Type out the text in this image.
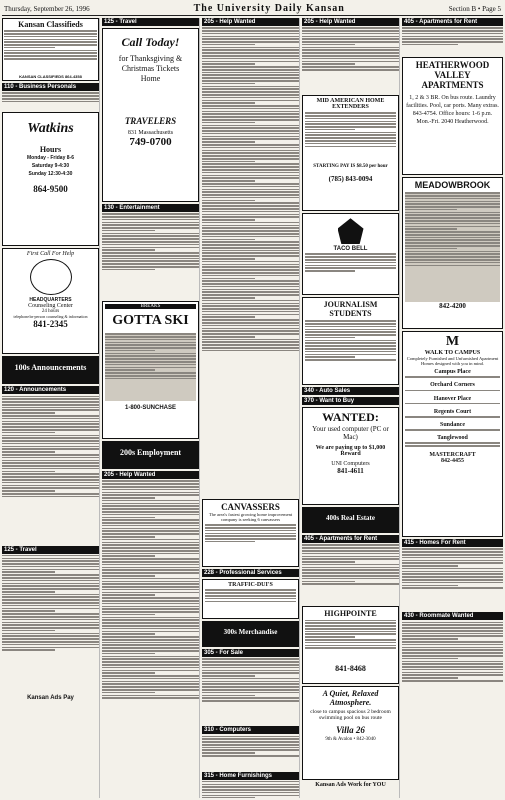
Thursday, September 26, 1996	The University Daily Kansan	Section B • Page 5
Kansan Classifieds
KANSAN CLASSIFIEDS 864-4358
110 - Business Personals
Watkins
Hours
Monday - Friday 8-6
Saturday 9-4:30
Sunday 12:30-4:30
864-9500
First Call For Help
HEADQUARTERS
Counseling Center
24 hours
telephone/in-person counseling & information
841-2345
100s Announcements
120 - Announcements
125 - Travel
Kansan Ads Pay
125 - Travel
Call Today!
for Thanksgiving & Christmas Tickets Home
TRAVELERS
831 Massachusetts
749-0700
130 - Entertainment
BREAKS
GOTTA SKI
1-800-SUNCHASE
200s Employment
205 - Help Wanted
205 - Help Wanted
CANVASSERS
The area's fastest growing home improvement company is seeking 6 canvassers
228 - Professional Services
TRAFFIC-DUI'S
300s Merchandise
305 - For Sale
310 - Computers
315 - Home Furnishings
205 - Help Wanted
MID AMERICAN HOME EXTENDERS
STARTING PAY IS $8.50 per hour
(785) 843-0094
TACO BELL
JOURNALISM STUDENTS
340 - Auto Sales
370 - Want to Buy
WANTED:
Your used computer (PC or Mac)
We are paying up to $1,000 Reward
UNI Computers
841-4611
400s Real Estate
405 - Apartments for Rent
HIGHPOINTE
841-8468
A Quiet, Relaxed Atmosphere.
close to campus spacious 2 bedroom swimming pool on bus route
Villa 26
9th & Avalon • 842-3040
Kansan Ads Work for YOU
405 - Apartments for Rent
HEATHERWOOD VALLEY APARTMENTS
1, 2 & 3 BR. On bus route. Laundry facilities. Pool, car ports. Many extras. 843-4754. Office hours: 1-6 p.m. Mon.-Fri. 2040 Heatherwood.
MEADOWBROOK
842-4200
M
WALK TO CAMPUS
Completely Furnished and Unfurnished Apartment Homes designed with you in mind.
Campus Place
Orchard Corners
Hanover Place
Regents Court
Sundance
Tanglewood
MASTERCRAFT
842-4455
415 - Homes For Rent
430 - Roommate Wanted
